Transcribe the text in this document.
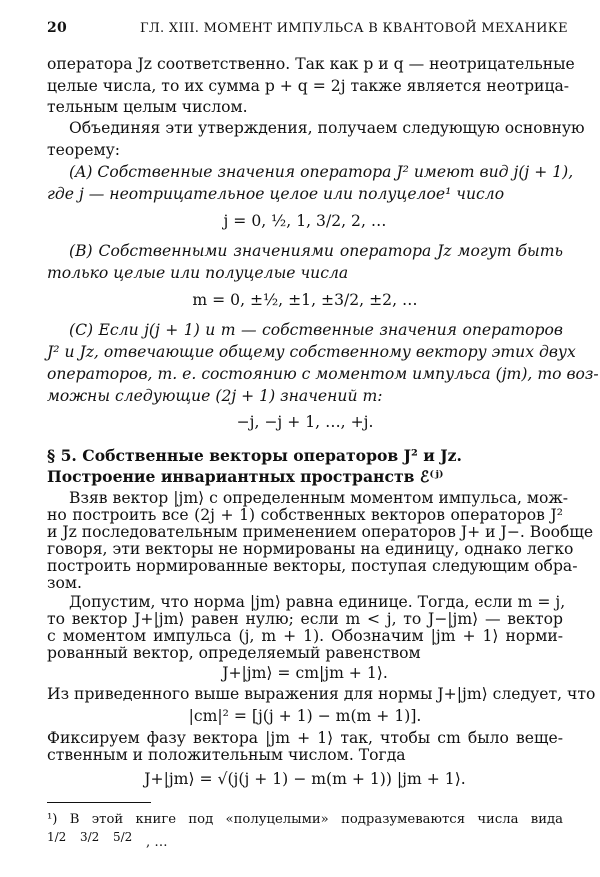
20	ГЛ. XIII. МОМЕНТ ИМПУЛЬСА В КВАНТОВОЙ МЕХАНИКЕ
оператора Jz соответственно. Так как p и q — неотрицательные
целые числа, то их сумма p + q = 2j также является неотрица-
тельным целым числом.
Объединяя эти утверждения, получаем следующую основную
теорему:
(A) Собственные значения оператора J² имеют вид j(j + 1),
где j — неотрицательное целое или полуцелое¹ число
j = 0, ½, 1, 3/2, 2, …
(B) Собственными значениями оператора Jz могут быть
только целые или полуцелые числа
m = 0, ±½, ±1, ±3/2, ±2, …
(C) Если j(j + 1) и m — собственные значения операторов
J² и Jz, отвечающие общему собственному вектору этих двух
операторов, т. е. состоянию с моментом импульса (jm), то воз-
можны следующие (2j + 1) значений m:
−j, −j + 1, …, +j.
§ 5. Собственные векторы операторов J² и Jz.
Построение инвариантных пространств ℰ⁽ʲ⁾
Взяв вектор |jm⟩ с определенным моментом импульса, мож-
но построить все (2j + 1) собственных векторов операторов J²
и Jz последовательным применением операторов J+ и J−. Вообще
говоря, эти векторы не нормированы на единицу, однако легко
построить нормированные векторы, поступая следующим обра-
зом.
Допустим, что норма |jm⟩ равна единице. Тогда, если m = j,
то вектор J+|jm⟩ равен нулю; если m < j, то J−|jm⟩ — вектор
с моментом импульса (j, m + 1). Обозначим |jm + 1⟩ норми-
рованный вектор, определяемый равенством
J+|jm⟩ = cm|jm + 1⟩.
Из приведенного выше выражения для нормы J+|jm⟩ следует, что
¹) В этой книге под «полуцелыми» подразумеваются числа вида
1/2 3/2 5/2 , …
|cm|² = [j(j + 1) − m(m + 1)].
Фиксируем фазу вектора |jm + 1⟩ так, чтобы cm было веще-
ственным и положительным числом. Тогда
J+|jm⟩ = √(j(j + 1) − m(m + 1)) |jm + 1⟩.
